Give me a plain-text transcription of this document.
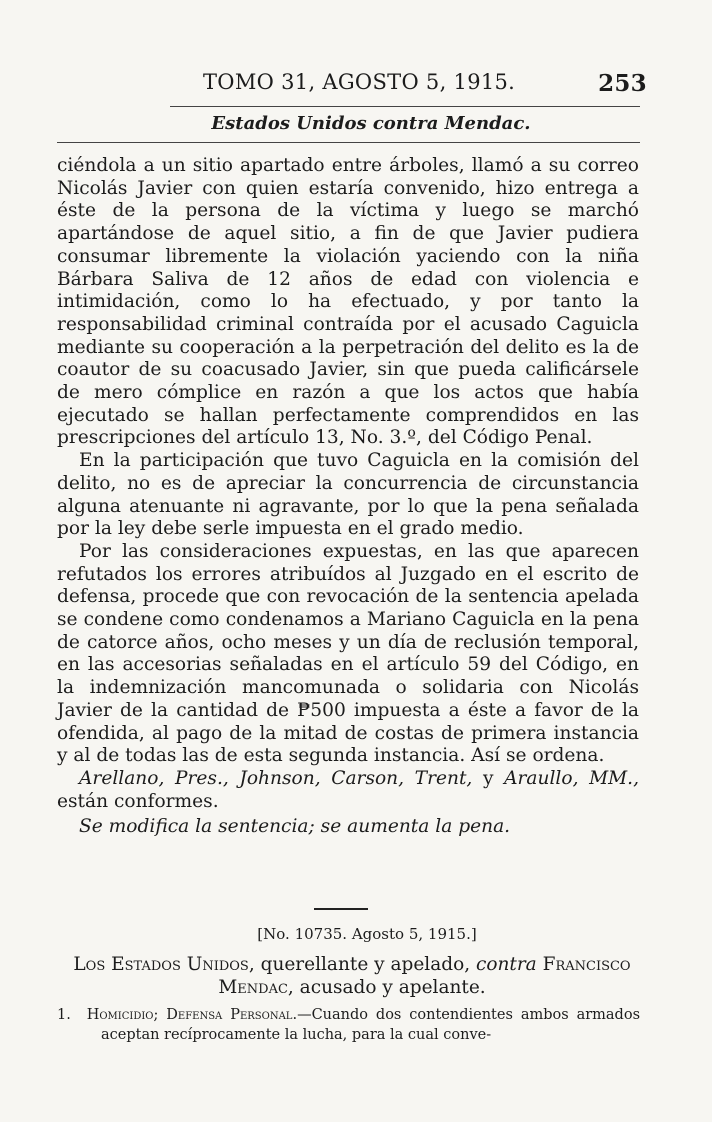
TOMO 31, AGOSTO 5, 1915.	253
Estados Unidos contra Mendac.

ciéndola a un sitio apartado entre árboles, llamó a su correo Nicolás Javier con quien estaría convenido, hizo entrega a éste de la persona de la víctima y luego se marchó apartándose de aquel sitio, a fin de que Javier pudiera consumar libremente la violación yaciendo con la niña Bárbara Saliva de 12 años de edad con violencia e intimidación, como lo ha efectuado, y por tanto la responsabilidad criminal contraída por el acusado Caguicla mediante su cooperación a la perpetración del delito es la de coautor de su coacusado Javier, sin que pueda calificársele de mero cómplice en razón a que los actos que había ejecutado se hallan perfectamente comprendidos en las prescripciones del artículo 13, No. 3.º, del Código Penal.

En la participación que tuvo Caguicla en la comisión del delito, no es de apreciar la concurrencia de circunstancia alguna atenuante ni agravante, por lo que la pena señalada por la ley debe serle impuesta en el grado medio.

Por las consideraciones expuestas, en las que aparecen refutados los errores atribuídos al Juzgado en el escrito de defensa, procede que con revocación de la sentencia apelada se condene como condenamos a Mariano Caguicla en la pena de catorce años, ocho meses y un día de reclusión temporal, en las accesorias señaladas en el artículo 59 del Código, en la indemnización mancomunada o solidaria con Nicolás Javier de la cantidad de ₱500 impuesta a éste a favor de la ofendida, al pago de la mitad de costas de primera instancia y al de todas las de esta segunda instancia. Así se ordena.

Arellano, Pres., Johnson, Carson, Trent, y Araullo, MM., están conformes.

Se modifica la sentencia; se aumenta la pena.

[No. 10735. Agosto 5, 1915.]
Los Estados Unidos, querellante y apelado, contra Francisco Mendac, acusado y apelante.

1. Homicidio; Defensa Personal.—Cuando dos contendientes ambos armados aceptan recíprocamente la lucha, para la cual conve-
